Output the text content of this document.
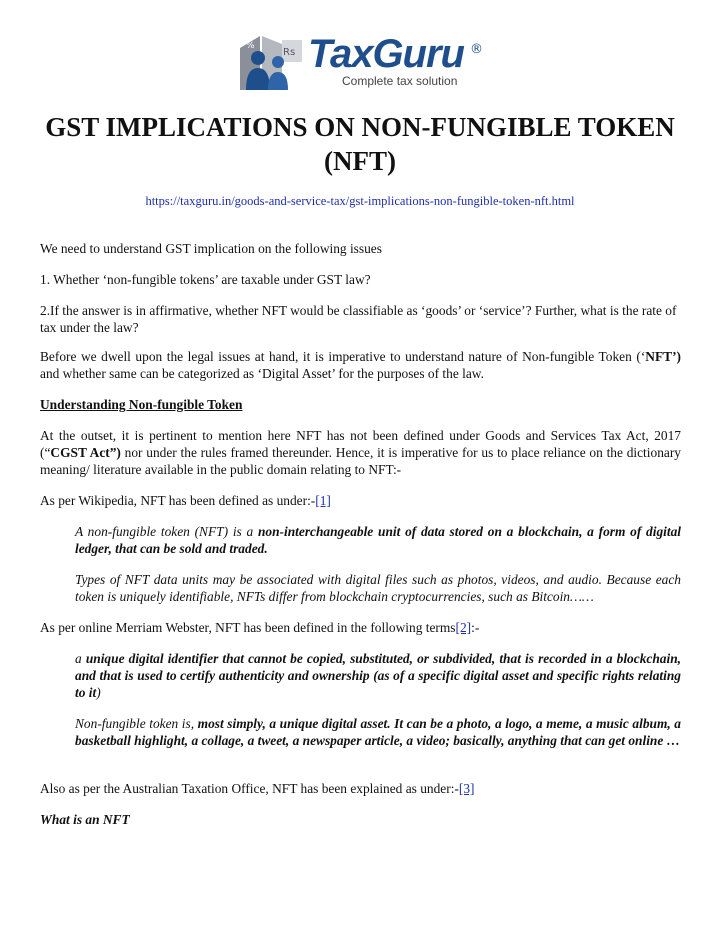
%
Rs TaxGuru ®
Complete tax solution
GST IMPLICATIONS ON NON-FUNGIBLE TOKEN (NFT)
https://taxguru.in/goods-and-service-tax/gst-implications-non-fungible-token-nft.html

We need to understand GST implication on the following issues

1. Whether ‘non-fungible tokens’ are taxable under GST law?

2.If the answer is in affirmative, whether NFT would be classifiable as ‘goods’ or ‘service’? Further, what is the rate of tax under the law?

Before we dwell upon the legal issues at hand, it is imperative to understand nature of Non-fungible Token (‘NFT’) and whether same can be categorized as ‘Digital Asset’ for the purposes of the law.

Understanding Non-fungible Token

At the outset, it is pertinent to mention here NFT has not been defined under Goods and Services Tax Act, 2017 (“CGST Act”) nor under the rules framed thereunder. Hence, it is imperative for us to place reliance on the dictionary meaning/ literature available in the public domain relating to NFT:-

As per Wikipedia, NFT has been defined as under:-[1]

A non-fungible token (NFT) is a non-interchangeable unit of data stored on a blockchain, a form of digital ledger, that can be sold and traded.

Types of NFT data units may be associated with digital files such as photos, videos, and audio. Because each token is uniquely identifiable, NFTs differ from blockchain cryptocurrencies, such as Bitcoin……

As per online Merriam Webster, NFT has been defined in the following terms[2]:-

a unique digital identifier that cannot be copied, substituted, or subdivided, that is recorded in a blockchain, and that is used to certify authenticity and ownership (as of a specific digital asset and specific rights relating to it)

Non-fungible token is, most simply, a unique digital asset. It can be a photo, a logo, a meme, a music album, a basketball highlight, a collage, a tweet, a newspaper article, a video; basically, anything that can get online …

Also as per the Australian Taxation Office, NFT has been explained as under:-[3]

What is an NFT
